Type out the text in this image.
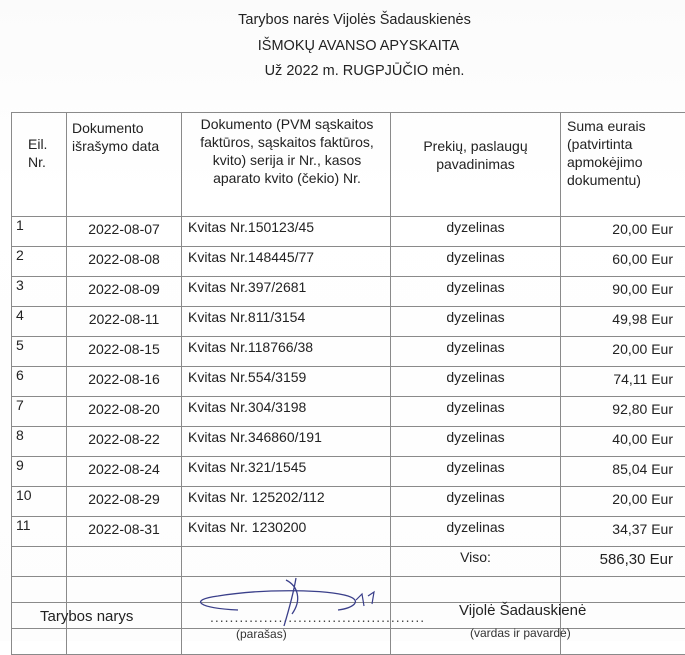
Tarybos narės Vijolės Šadauskienės
IŠMOKŲ AVANSO APYSKAITA
Už 2022 m. RUGPJŪČIO mėn.
Eil. Nr.	Dokumento išrašymo data	Dokumento (PVM sąskaitos faktūros, sąskaitos faktūros, kvito) serija ir Nr., kasos aparato kvito (čekio) Nr.	Prekių, paslaugų pavadinimas	Suma eurais (patvirtinta apmokėjimo dokumentu)

1	2022-08-07	Kvitas Nr.150123/45	dyzelinas	20,00 Eur
2	2022-08-08	Kvitas Nr.148445/77	dyzelinas	60,00 Eur
3	2022-08-09	Kvitas Nr.397/2681	dyzelinas	90,00 Eur
4	2022-08-11	Kvitas Nr.811/3154	dyzelinas	49,98 Eur
5	2022-08-15	Kvitas Nr.118766/38	dyzelinas	20,00 Eur
6	2022-08-16	Kvitas Nr.554/3159	dyzelinas	74,11 Eur
7	2022-08-20	Kvitas Nr.304/3198	dyzelinas	92,80 Eur
8	2022-08-22	Kvitas Nr.346860/191	dyzelinas	40,00 Eur
9	2022-08-24	Kvitas Nr.321/1545	dyzelinas	85,04 Eur
10	2022-08-29	Kvitas Nr. 125202/112	dyzelinas	20,00 Eur
11	2022-08-31	Kvitas Nr. 1230200	dyzelinas	34,37 Eur
			Viso:	586,30 Eur

Tarybos narys	............................................
(parašas)
Vijolė Šadauskienė
(vardas ir pavardė)
